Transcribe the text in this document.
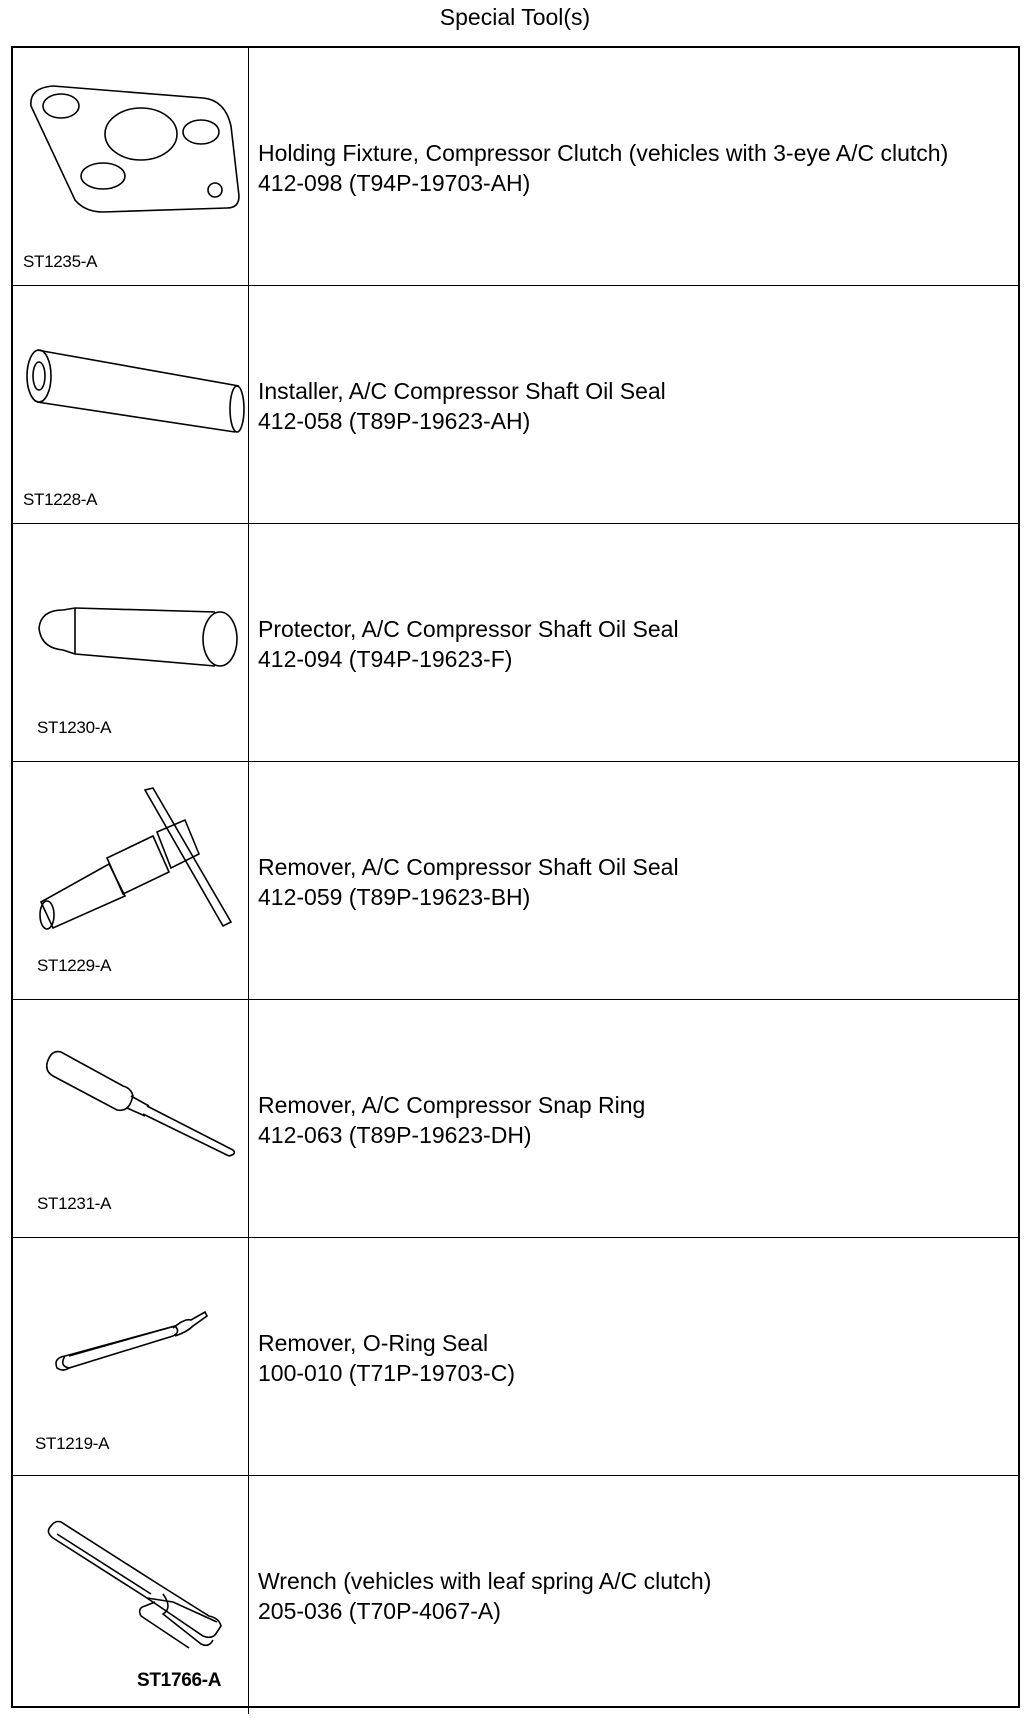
Special Tool(s)
ST1235-A
Holding Fixture, Compressor Clutch (vehicles with 3-eye A/C clutch)
412-098 (T94P-19703-AH)
ST1228-A
Installer, A/C Compressor Shaft Oil Seal
412-058 (T89P-19623-AH)
ST1230-A
Protector, A/C Compressor Shaft Oil Seal
412-094 (T94P-19623-F)
ST1229-A
Remover, A/C Compressor Shaft Oil Seal
412-059 (T89P-19623-BH)
ST1231-A
Remover, A/C Compressor Snap Ring
412-063 (T89P-19623-DH)
ST1219-A
Remover, O-Ring Seal
100-010 (T71P-19703-C)
ST1766-A
Wrench (vehicles with leaf spring A/C clutch)
205-036 (T70P-4067-A)
